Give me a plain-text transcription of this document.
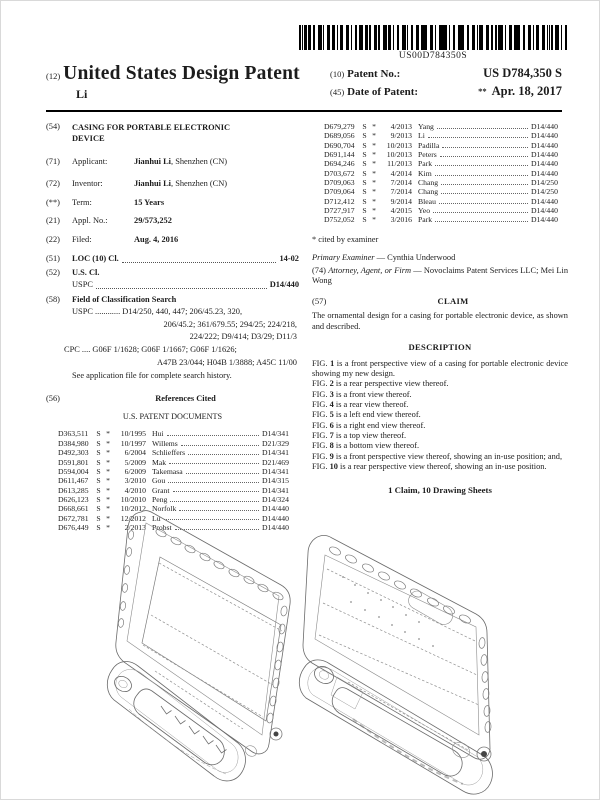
US00D784350S
(12) United States Design Patent
Li
(10) Patent No.:	US D784,350 S
(45) Date of Patent:	** Apr. 18, 2017
(54)	CASING FOR PORTABLE ELECTRONIC DEVICE
(71)	Applicant:	Jianhui Li, Shenzhen (CN)
(72)	Inventor:	Jianhui Li, Shenzhen (CN)
(**)	Term:	15 Years
(21)	Appl. No.:	29/573,252
(22)	Filed:	Aug. 4, 2016
(51)	LOC (10) Cl.	14-02
(52)	U.S. Cl.
USPC	D14/440
(58)	Field of Classification Search
USPC ............ D14/250, 440, 447; 206/45.23, 320,
206/45.2; 361/679.55; 294/25; 224/218,
224/222; D9/414; D3/29; D11/3
CPC .... G06F 1/1628; G06F 1/1667; G06F 1/1626;
A47B 23/044; H04B 1/3888; A45C 11/00
See application file for complete search history.
(56)	References Cited
U.S. PATENT DOCUMENTS
D363,511	S *	10/1995 Hui	D14/341
D384,980	S *	10/1997 Willems	D21/329
D492,303	S *	6/2004 Schlieffers	D14/341
D591,801	S *	5/2009 Mak	D21/469
D594,004	S *	6/2009 Takemasa	D14/341
D611,467	S *	3/2010 Gou	D14/315
D613,285	S *	4/2010 Grant	D14/341
D626,123	S *	10/2010 Peng	D14/324
D668,661	S *	10/2012 Norfolk	D14/440
D672,781	S *	12/2012 Lu	D14/440
D676,449	S *	2/2013 Probst	D14/440
D679,279	S *	4/2013 Yang	D14/440
D689,056	S *	9/2013 Li	D14/440
D690,704	S *	10/2013 Padilla	D14/440
D691,144	S *	10/2013 Peters	D14/440
D694,246	S *	11/2013 Park	D14/440
D703,672	S *	4/2014 Kim	D14/440
D709,063	S *	7/2014 Chang	D14/250
D709,064	S *	7/2014 Chang	D14/250
D712,412	S *	9/2014 Bleau	D14/440
D727,917	S *	4/2015 Yeo	D14/440
D752,052	S *	3/2016 Park	D14/440
* cited by examiner

Primary Examiner — Cynthia Underwood

(74) Attorney, Agent, or Firm — Novoclaims Patent Services LLC; Mei Lin Wong

(57)	CLAIM

The ornamental design for a casing for portable electronic device, as shown and described.

DESCRIPTION

FIG. 1 is a front perspective view of a casing for portable electronic device showing my new design.

FIG. 2 is a rear perspective view thereof.

FIG. 3 is a front view thereof.

FIG. 4 is a rear view thereof.

FIG. 5 is a left end view thereof.

FIG. 6 is a right end view thereof.

FIG. 7 is a top view thereof.

FIG. 8 is a bottom view thereof.

FIG. 9 is a front perspective view thereof, showing an in-use position; and,

FIG. 10 is a rear perspective view thereof, showing an in-use position.

1 Claim, 10 Drawing Sheets
